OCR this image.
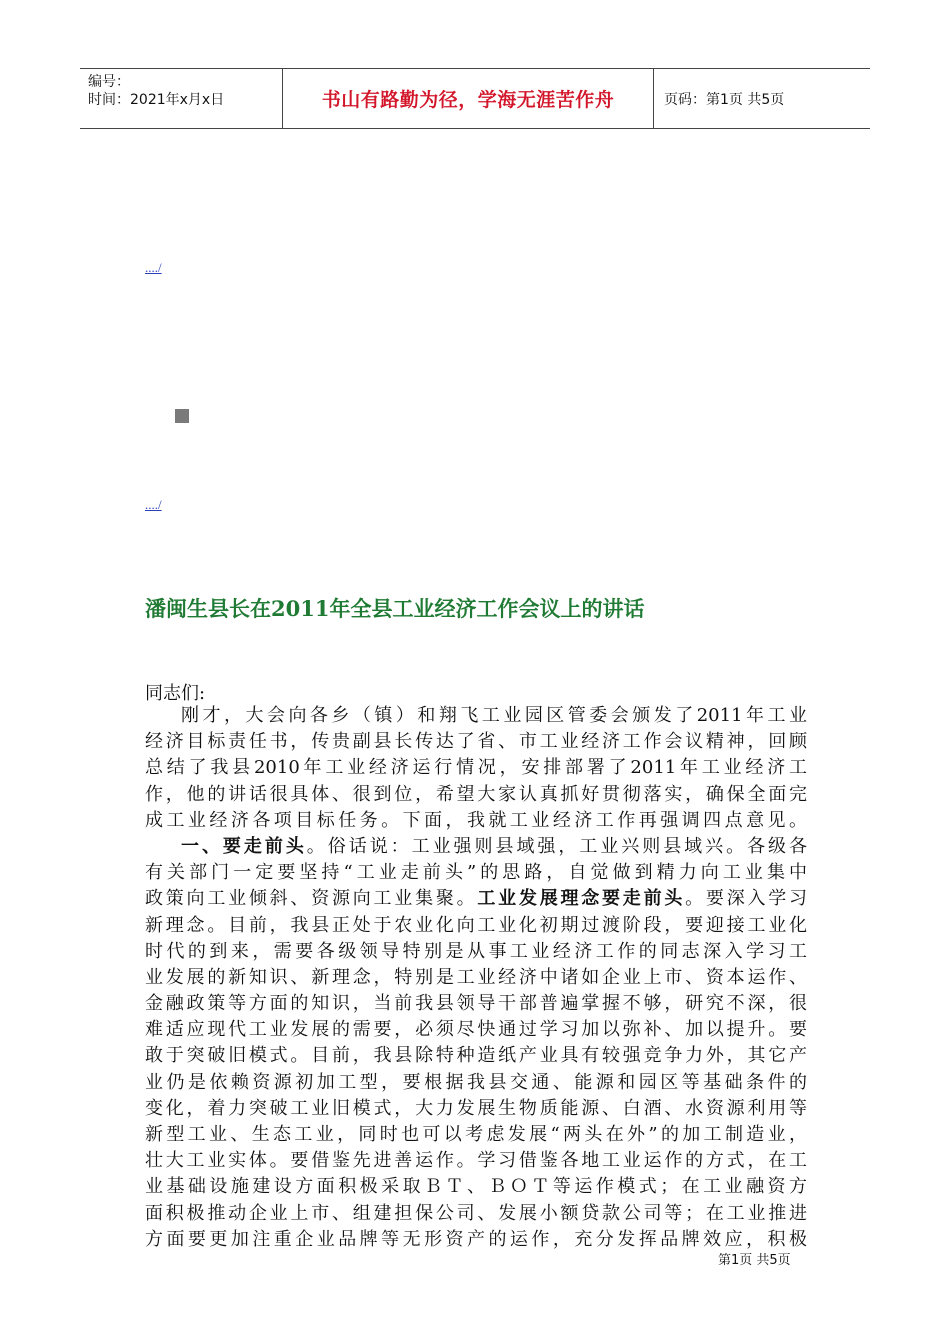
编号：
时间：2021年x月x日	书山有路勤为径，学海无涯苦作舟	页码：第1页 共5页
..../
..../
潘闽生县长在2011年全县工业经济工作会议上的讲话
同志们:
刚才，大会向各乡（镇）和翔飞工业园区管委会颁发了2011年工业
经济目标责任书，传贵副县长传达了省、市工业经济工作会议精神，回顾
总结了我县2010年工业经济运行情况，安排部署了2011年工业经济工
作，他的讲话很具体、很到位，希望大家认真抓好贯彻落实，确保全面完
成工业经济各项目标任务。下面，我就工业经济工作再强调四点意见。
一、要走前头。俗话说：工业强则县域强，工业兴则县域兴。各级各
有关部门一定要坚持“工业走前头”的思路，自觉做到精力向工业集中
政策向工业倾斜、资源向工业集聚。工业发展理念要走前头。要深入学习
新理念。目前，我县正处于农业化向工业化初期过渡阶段，要迎接工业化
时代的到来，需要各级领导特别是从事工业经济工作的同志深入学习工
业发展的新知识、新理念，特别是工业经济中诸如企业上市、资本运作、
金融政策等方面的知识，当前我县领导干部普遍掌握不够，研究不深，很
难适应现代工业发展的需要，必须尽快通过学习加以弥补、加以提升。要
敢于突破旧模式。目前，我县除特种造纸产业具有较强竞争力外，其它产
业仍是依赖资源初加工型，要根据我县交通、能源和园区等基础条件的
变化，着力突破工业旧模式，大力发展生物质能源、白酒、水资源利用等
新型工业、生态工业，同时也可以考虑发展“两头在外”的加工制造业，
壮大工业实体。要借鉴先进善运作。学习借鉴各地工业运作的方式，在工
业基础设施建设方面积极采取ＢＴ、ＢＯＴ等运作模式；在工业融资方
面积极推动企业上市、组建担保公司、发展小额贷款公司等；在工业推进
方面要更加注重企业品牌等无形资产的运作，充分发挥品牌效应，积极
第1页 共5页
